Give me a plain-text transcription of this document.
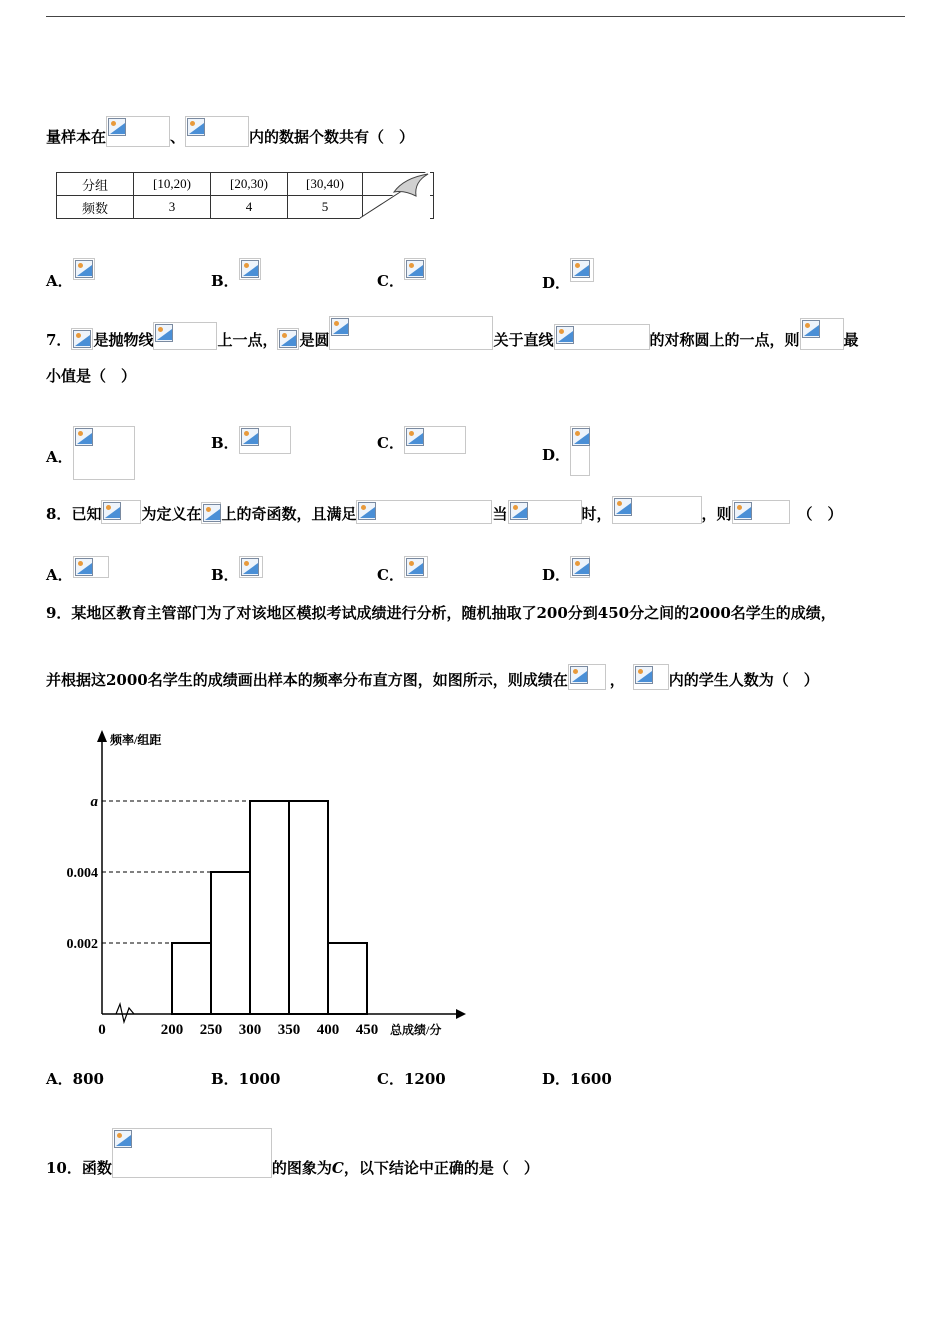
量样本在	、	内的数据个数共有（　）
分组	[10,20)	[20,30)	[30,40)	
频数	3	4	5	
A．	B．	C．	D．
7． 是抛物线	上一点， 是圆	关于直线	的对称圆上的一点，则	最
小值是（　）
A．
B．	C．
D．
8．已知	为定义在 上的奇函数，且满足	当	时，	，则	（　）
A．	B．	C．	D．
9．某地区教育主管部门为了对该地区模拟考试成绩进行分析，随机抽取了200分到450分之间的2000名学生的成绩，
并根据这2000名学生的成绩画出样本的频率分布直方图，如图所示，则成绩在	，	内的学生人数为（　）
频率/组距
总成绩/分
0.002
0.004
a
0	200 250 300 350 400 450
A．800	B．1000	C．1200	D．1600
10．函数	的图象为C，以下结论中正确的是（　）
